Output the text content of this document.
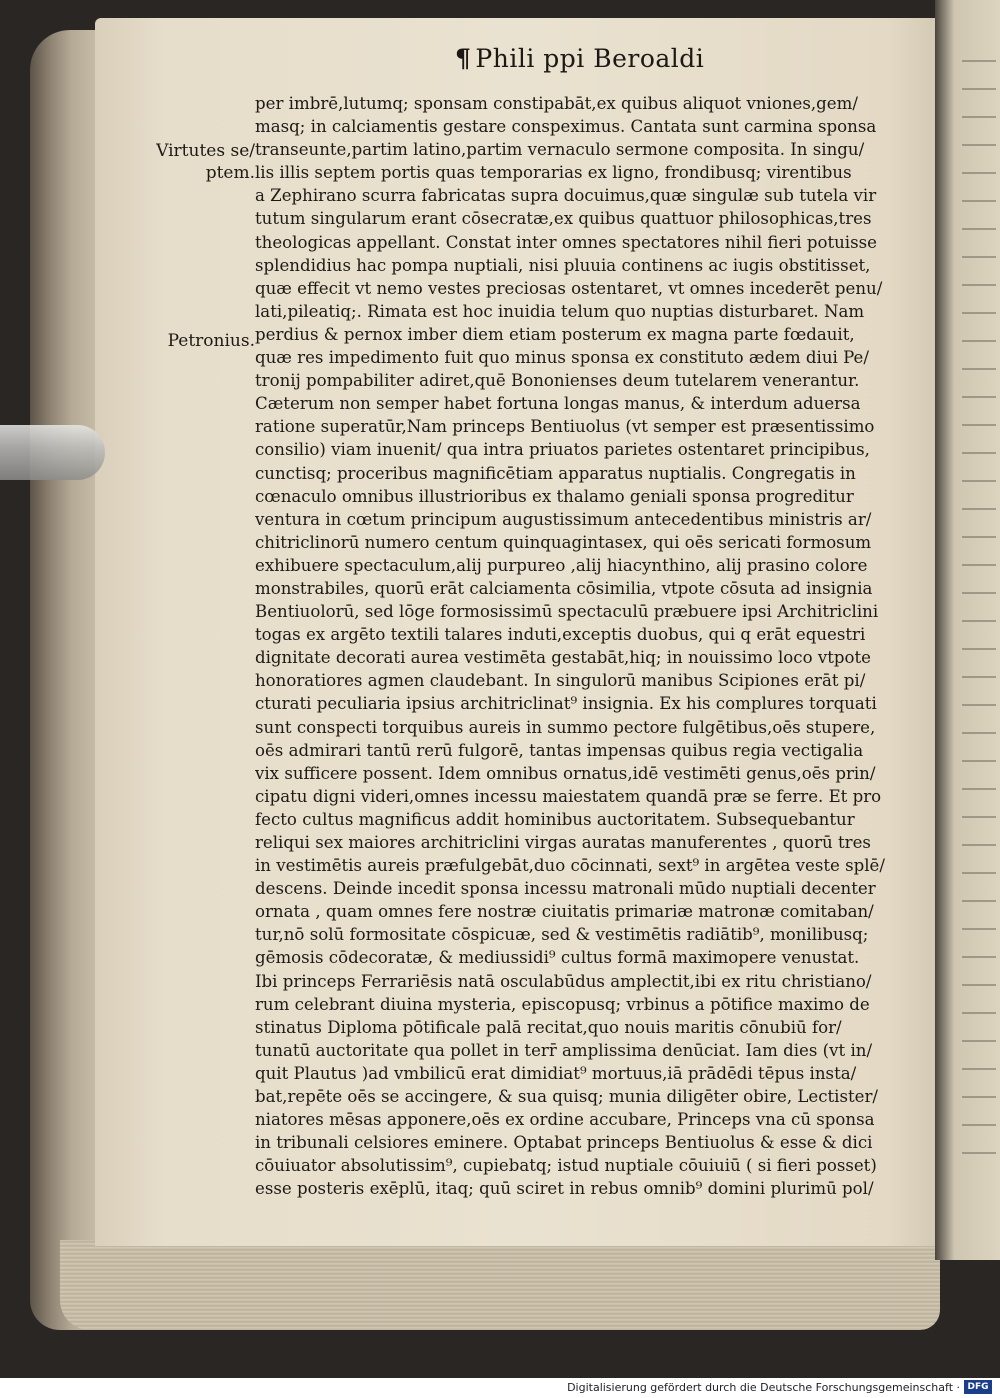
¶ Phili ppi Beroaldi
Virtutes se/ ptem.
Petronius.
per imbrē,lutumq; sponsam constipabāt,ex quibus aliquot vniones,gem/
masq; in calciamentis gestare conspeximus. Cantata sunt carmina sponsa
transeunte,partim latino,partim vernaculo sermone composita. In singu/
lis illis septem portis quas temporarias ex ligno, frondibusq; virentibus
a Zephirano scurra fabricatas supra docuimus,quæ singulæ sub tutela vir
tutum singularum erant cōsecratæ,ex quibus quattuor philosophicas,tres
theologicas appellant. Constat inter omnes spectatores nihil fieri potuisse
splendidius hac pompa nuptiali, nisi pluuia continens ac iugis obstitisset,
quæ effecit vt nemo vestes preciosas ostentaret, vt omnes incederēt penu/
lati,pileatiq;. Rimata est hoc inuidia telum quo nuptias disturbaret. Nam
perdius & pernox imber diem etiam posterum ex magna parte fœdauit,
quæ res impedimento fuit quo minus sponsa ex constituto ædem diui Pe/
tronij pompabiliter adiret,quē Bononienses deum tutelarem venerantur.
Cæterum non semper habet fortuna longas manus, & interdum aduersa
ratione superatūr,Nam princeps Bentiuolus (vt semper est præsentissimo
consilio) viam inuenit/ qua intra priuatos parietes ostentaret principibus,
cunctisq; proceribus magnificētiam apparatus nuptialis. Congregatis in
cœnaculo omnibus illustrioribus ex thalamo geniali sponsa progreditur
ventura in cœtum principum augustissimum antecedentibus ministris ar/
chitriclinorū numero centum quinquagintasex, qui oēs sericati formosum
exhibuere spectaculum,alij purpureo ,alij hiacynthino, alij prasino colore
monstrabiles, quorū erāt calciamenta cōsimilia, vtpote cōsuta ad insignia
Bentiuolorū, sed lōge formosissimū spectaculū præbuere ipsi Architriclini
togas ex argēto textili talares induti,exceptis duobus, qui q erāt equestri
dignitate decorati aurea vestimēta gestabāt,hiq; in nouissimo loco vtpote
honoratiores agmen claudebant. In singulorū manibus Scipiones erāt pi/
cturati peculiaria ipsius architriclinat⁹ insignia. Ex his complures torquati
sunt conspecti torquibus aureis in summo pectore fulgētibus,oēs stupere,
oēs admirari tantū rerū fulgorē, tantas impensas quibus regia vectigalia
vix sufficere possent. Idem omnibus ornatus,idē vestimēti genus,oēs prin/
cipatu digni videri,omnes incessu maiestatem quandā præ se ferre. Et pro
fecto cultus magnificus addit hominibus auctoritatem. Subsequebantur
reliqui sex maiores architriclini virgas auratas manuferentes , quorū tres
in vestimētis aureis præfulgebāt,duo cōcinnati, sext⁹ in argētea veste splē/
descens. Deinde incedit sponsa incessu matronali mūdo nuptiali decenter
ornata , quam omnes fere nostræ ciuitatis primariæ matronæ comitaban/
tur,nō solū formositate cōspicuæ, sed & vestimētis radiātib⁹, monilibusq;
gēmosis cōdecoratæ, & mediussidi⁹ cultus formā maximopere venustat.
Ibi princeps Ferrariēsis natā osculabūdus amplectit,ibi ex ritu christiano/
rum celebrant diuina mysteria, episcopusq; vrbinus a pōtifice maximo de
stinatus Diploma pōtificale palā recitat,quo nouis maritis cōnubiū for/
tunatū auctoritate qua pollet in terr̄ amplissima denūciat. Iam dies (vt in/
quit Plautus )ad vmbilicū erat dimidiat⁹ mortuus,iā prādēdi tēpus insta/
bat,repēte oēs se accingere, & sua quisq; munia diligēter obire, Lectister/
niatores mēsas apponere,oēs ex ordine accubare, Princeps vna cū sponsa
in tribunali celsiores eminere. Optabat princeps Bentiuolus & esse & dici
cōuiuator absolutissim⁹, cupiebatq; istud nuptiale cōuiuiū ( si fieri posset)
esse posteris exēplū, itaq; quū sciret in rebus omnib⁹ domini plurimū pol/
Digitalisierung gefördert durch die Deutsche Forschungsgemeinschaft · DFG
